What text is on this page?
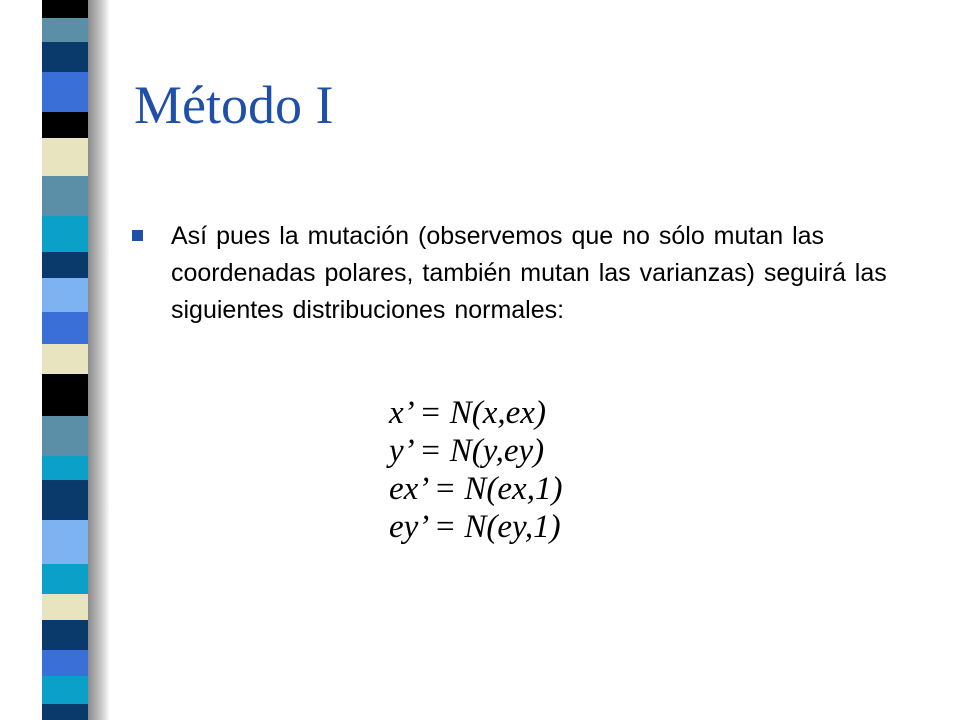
Método I

Así pues la mutación (observemos que no sólo mutan las coordenadas polares, también mutan las varianzas) seguirá las siguientes distribuciones normales:

x’ = N(x,ex)
y’ = N(y,ey)
ex’ = N(ex,1)
ey’ = N(ey,1)
